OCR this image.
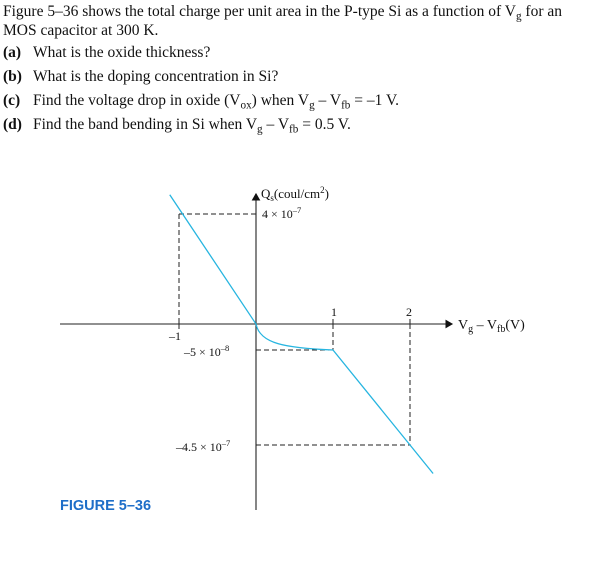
Figure 5–36 shows the total charge per unit area in the P-type Si as a function of $V_g$ for an MOS capacitor at 300 K.
(a) What is the oxide thickness?
(b) What is the doping concentration in Si?
(c) Find the voltage drop in oxide $(V_{ox})$ when $V_g - V_{fb} = -1$ V.
(d) Find the band bending in Si when $V_g - V_{fb} = 0.5$ V.
–1
1	2
$4 \times 10^{-7}$
$-5 \times 10^{-8}$
$-4.5 \times 10^{-7}$
$Q_s(coul/cm^2)$
$V_g - V_{fb}(V)$
FIGURE 5–36
